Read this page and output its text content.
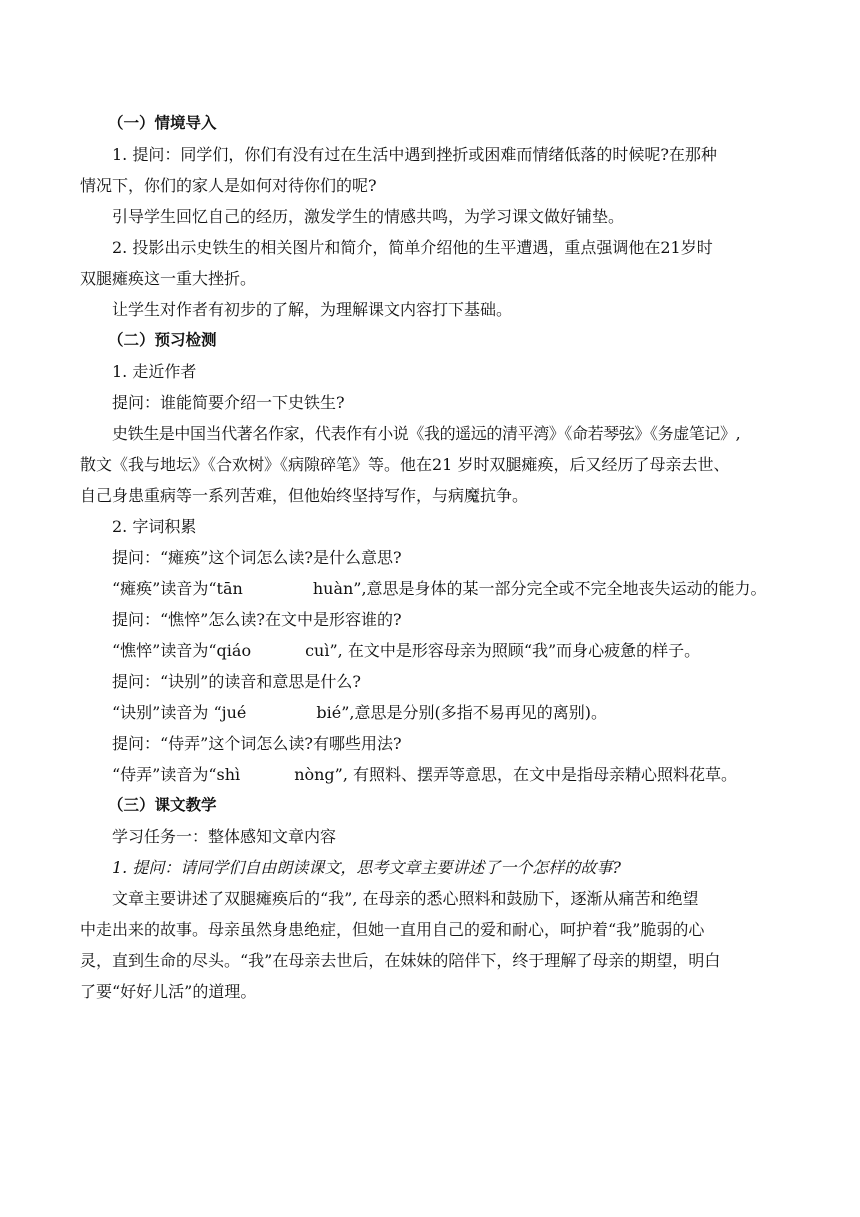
（一）情境导入

1. 提问：同学们，你们有没有过在生活中遇到挫折或困难而情绪低落的时候呢?在那种

情况下，你们的家人是如何对待你们的呢?

引导学生回忆自己的经历，激发学生的情感共鸣，为学习课文做好铺垫。

2. 投影出示史铁生的相关图片和简介，简单介绍他的生平遭遇，重点强调他在21岁时

双腿瘫痪这一重大挫折。

让学生对作者有初步的了解，为理解课文内容打下基础。

（二）预习检测

1. 走近作者

提问：谁能简要介绍一下史铁生?

史铁生是中国当代著名作家，代表作有小说《我的遥远的清平湾》《命若琴弦》《务虚笔记》,

散文《我与地坛》《合欢树》《病隙碎笔》等。他在21 岁时双腿瘫痪，后又经历了母亲去世、

自己身患重病等一系列苦难，但他始终坚持写作，与病魔抗争。

2. 字词积累

提问：“瘫痪”这个词怎么读?是什么意思?

“瘫痪”读音为“tān	huàn”,意思是身体的某一部分完全或不完全地丧失运动的能力。

提问：“憔悴”怎么读?在文中是形容谁的?

“憔悴”读音为“qiáo	cuì”, 在文中是形容母亲为照顾“我”而身心疲惫的样子。

提问：“诀别”的读音和意思是什么?

“诀别”读音为 “jué	bié”,意思是分别(多指不易再见的离别)。

提问：“侍弄”这个词怎么读?有哪些用法?

“侍弄”读音为“shì	nòng”, 有照料、摆弄等意思，在文中是指母亲精心照料花草。

（三）课文教学

学习任务一：整体感知文章内容

1. 提问：请同学们自由朗读课文，思考文章主要讲述了一个怎样的故事?

文章主要讲述了双腿瘫痪后的“我”, 在母亲的悉心照料和鼓励下，逐渐从痛苦和绝望

中走出来的故事。母亲虽然身患绝症，但她一直用自己的爱和耐心，呵护着“我”脆弱的心

灵，直到生命的尽头。“我”在母亲去世后，在妹妹的陪伴下，终于理解了母亲的期望，明白

了要“好好儿活”的道理。
